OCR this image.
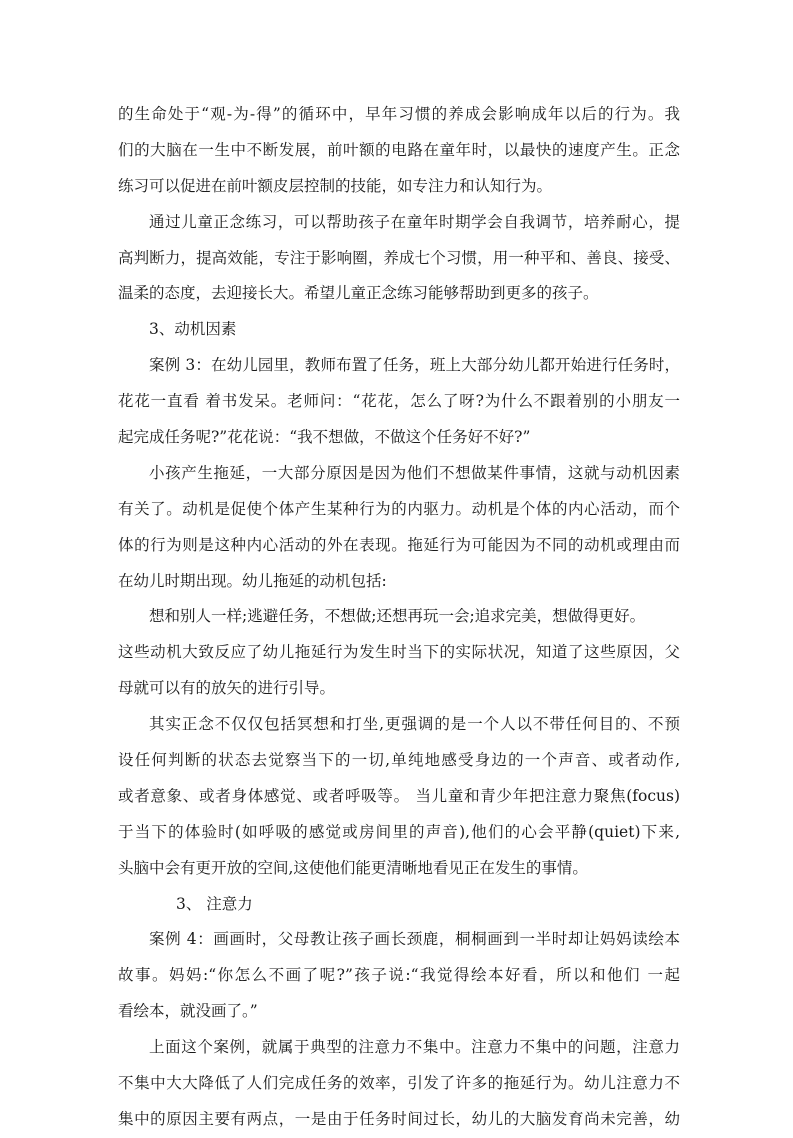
的生命处于“观-为-得”的循环中，早年习惯的养成会影响成年以后的行为。我
们的大脑在一生中不断发展，前叶额的电路在童年时，以最快的速度产生。正念
练习可以促进在前叶额皮层控制的技能，如专注力和认知行为。
通过儿童正念练习，可以帮助孩子在童年时期学会自我调节，培养耐心，提
高判断力，提高效能，专注于影响圈，养成七个习惯，用一种平和、善良、接受、
温柔的态度，去迎接长大。希望儿童正念练习能够帮助到更多的孩子。
3、动机因素
案例 3：在幼儿园里，教师布置了任务，班上大部分幼儿都开始进行任务时，
花花一直看 着书发呆。老师问：“花花，怎么了呀?为什么不跟着别的小朋友一
起完成任务呢?”花花说：“我不想做，不做这个任务好不好?”
小孩产生拖延，一大部分原因是因为他们不想做某件事情，这就与动机因素
有关了。动机是促使个体产生某种行为的内驱力。动机是个体的内心活动，而个
体的行为则是这种内心活动的外在表现。拖延行为可能因为不同的动机或理由而
在幼儿时期出现。幼儿拖延的动机包括:
想和别人一样;逃避任务，不想做;还想再玩一会;追求完美，想做得更好。
这些动机大致反应了幼儿拖延行为发生时当下的实际状况，知道了这些原因，父
母就可以有的放矢的进行引导。
其实正念不仅仅包括冥想和打坐,更强调的是一个人以不带任何目的、不预
设任何判断的状态去觉察当下的一切,单纯地感受身边的一个声音、或者动作,
或者意象、或者身体感觉、或者呼吸等。 当儿童和青少年把注意力聚焦(focus)
于当下的体验时(如呼吸的感觉或房间里的声音),他们的心会平静(quiet)下来,
头脑中会有更开放的空间,这使他们能更清晰地看见正在发生的事情。
3、 注意力
案例 4：画画时，父母教让孩子画长颈鹿，桐桐画到一半时却让妈妈读绘本
故事。妈妈:“你怎么不画了呢?”孩子说:“我觉得绘本好看，所以和他们 一起
看绘本，就没画了。”
上面这个案例，就属于典型的注意力不集中。注意力不集中的问题，注意力
不集中大大降低了人们完成任务的效率，引发了许多的拖延行为。幼儿注意力不
集中的原因主要有两点，一是由于任务时间过长，幼儿的大脑发育尚未完善，幼
